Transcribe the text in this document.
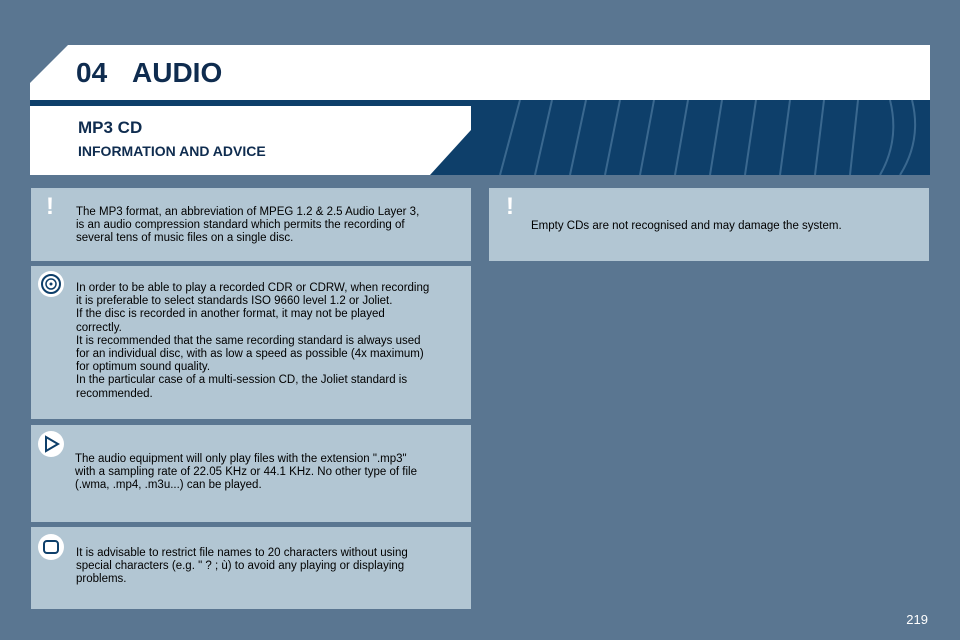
04 AUDIO
MP3 CD
INFORMATION AND ADVICE
!	The MP3 format, an abbreviation of MPEG 1.2 & 2.5 Audio Layer 3,
is an audio compression standard which permits the recording of
several tens of music files on a single disc.
In order to be able to play a recorded CDR or CDRW, when recording
it is preferable to select standards ISO 9660 level 1.2 or Joliet.
If the disc is recorded in another format, it may not be played
correctly.
It is recommended that the same recording standard is always used
for an individual disc, with as low a speed as possible (4x maximum)
for optimum sound quality.
In the particular case of a multi-session CD, the Joliet standard is
recommended.
The audio equipment will only play files with the extension ".mp3"
with a sampling rate of 22.05 KHz or 44.1 KHz. No other type of file
(.wma, .mp4, .m3u...) can be played.
It is advisable to restrict file names to 20 characters without using
special characters (e.g. " ? ; ù) to avoid any playing or displaying
problems.
!
Empty CDs are not recognised and may damage the system.
219
